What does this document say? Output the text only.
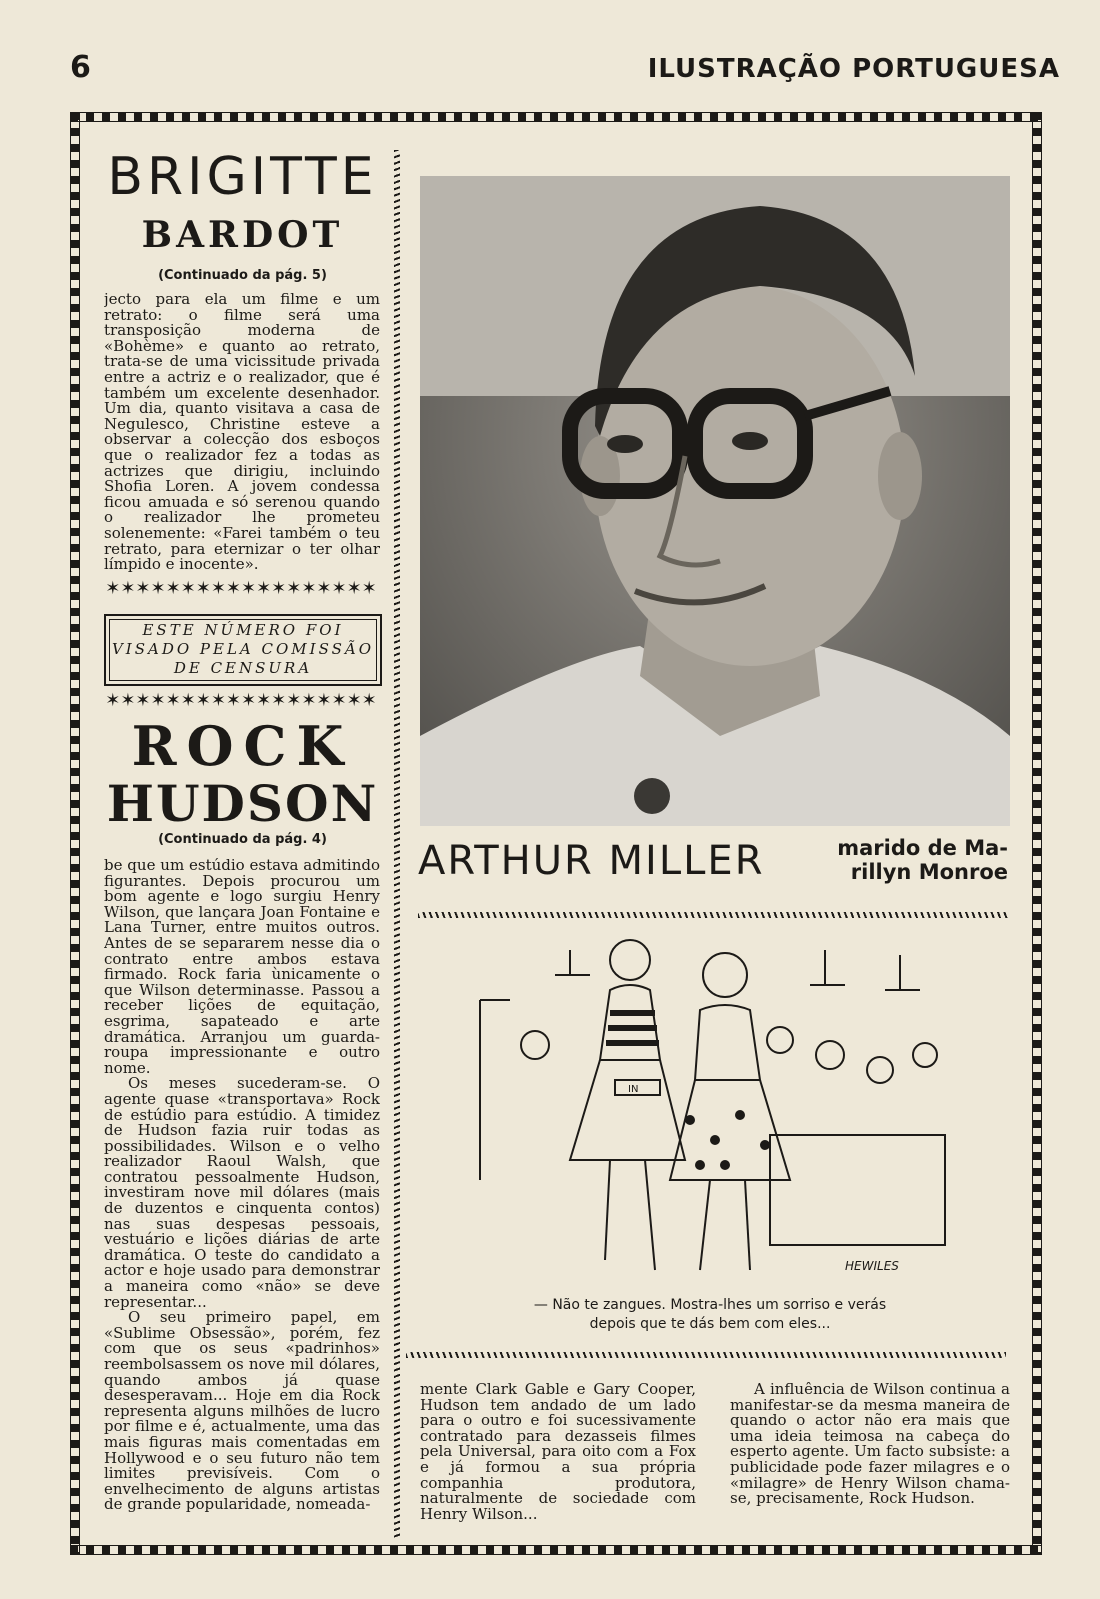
6	ILUSTRAÇÃO PORTUGUESA
BRIGITTE
BARDOT
(Continuado da pág. 5)

jecto para ela um filme e um retrato: o filme será uma transposição moderna de «Bohème» e quanto ao retrato, trata-se de uma vicissitude privada entre a actriz e o realizador, que é também um excelente desenhador. Um dia, quanto visitava a casa de Negulesco, Christine esteve a observar a colecção dos esboços que o realizador fez a todas as actrizes que dirigiu, incluindo Shofia Loren. A jovem condessa ficou amuada e só serenou quando o realizador lhe prometeu solenemente: «Farei também o teu retrato, para eternizar o ter olhar límpido e inocente».

✶✶✶✶✶✶✶✶✶✶✶✶✶✶✶✶✶✶
ESTE NÚMERO FOI
VISADO PELA COMISSÃO
DE CENSURA
✶✶✶✶✶✶✶✶✶✶✶✶✶✶✶✶✶✶
ROCK
HUDSON
(Continuado da pág. 4)

be que um estúdio estava admitindo figurantes. Depois procurou um bom agente e logo surgiu Henry Wilson, que lançara Joan Fontaine e Lana Turner, entre muitos outros. Antes de se separarem nesse dia o contrato entre ambos estava firmado. Rock faria ùnicamente o que Wilson determinasse. Passou a receber lições de equitação, esgrima, sapateado e arte dramática. Arranjou um guarda-roupa impressionante e outro nome.

Os meses sucederam-se. O agente quase «transportava» Rock de estúdio para estúdio. A timidez de Hudson fazia ruir todas as possibilidades. Wilson e o velho realizador Raoul Walsh, que contratou pessoalmente Hudson, investiram nove mil dólares (mais de duzentos e cinquenta contos) nas suas despesas pessoais, vestuário e lições diárias de arte dramática. O teste do candidato a actor e hoje usado para demonstrar a maneira como «não» se deve representar...

O seu primeiro papel, em «Sublime Obsessão», porém, fez com que os seus «padrinhos» reembolsassem os nove mil dólares, quando ambos já quase desesperavam... Hoje em dia Rock representa alguns milhões de lucro por filme e é, actualmente, uma das mais figuras mais comentadas em Hollywood e o seu futuro não tem limites previsíveis. Com o envelhecimento de alguns artistas de grande popularidade, nomeada-

ARTHUR MILLER	marido de Ma-
rillyn Monroe
IN
HEWILES
— Não te zangues. Mostra-lhes um sorriso e verás
depois que te dás bem com eles...

mente Clark Gable e Gary Cooper, Hudson tem andado de um lado para o outro e foi sucessivamente contratado para dezasseis filmes pela Universal, para oito com a Fox e já formou a sua própria companhia produtora, naturalmente de sociedade com Henry Wilson...

A influência de Wilson continua a manifestar-se da mesma maneira de quando o actor não era mais que uma ideia teimosa na cabeça do esperto agente. Um facto subsiste: a publicidade pode fazer milagres e o «milagre» de Henry Wilson chama-se, precisamente, Rock Hudson.
